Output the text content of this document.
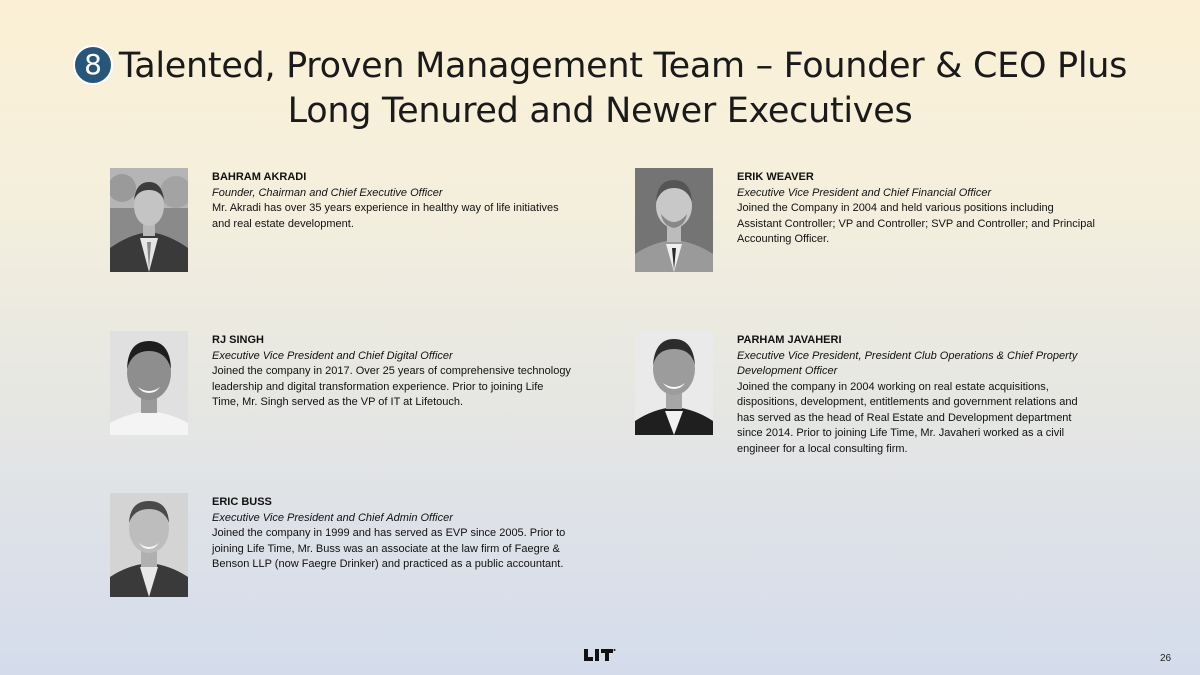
8 Talented, Proven Management Team – Founder & CEO Plus
Long Tenured and Newer Executives
BAHRAM AKRADI
Founder, Chairman and Chief Executive Officer
Mr. Akradi has over 35 years experience in healthy way of life initiatives and real estate development.
ERIK WEAVER
Executive Vice President and Chief Financial Officer
Joined the Company in 2004 and held various positions including Assistant Controller; VP and Controller; SVP and Controller; and Principal Accounting Officer.
RJ SINGH
Executive Vice President and Chief Digital Officer
Joined the company in 2017. Over 25 years of comprehensive technology leadership and digital transformation experience. Prior to joining Life Time, Mr. Singh served as the VP of IT at Lifetouch.
PARHAM JAVAHERI
Executive Vice President, President Club Operations & Chief Property Development Officer
Joined the company in 2004 working on real estate acquisitions, dispositions, development, entitlements and government relations and has served as the head of Real Estate and Development department since 2014. Prior to joining Life Time, Mr. Javaheri worked as a civil engineer for a local consulting firm.
ERIC BUSS
Executive Vice President and Chief Admin Officer
Joined the company in 1999 and has served as EVP since 2005. Prior to joining Life Time, Mr. Buss was an associate at the law firm of Faegre & Benson LLP (now Faegre Drinker) and practiced as a public accountant.
26
